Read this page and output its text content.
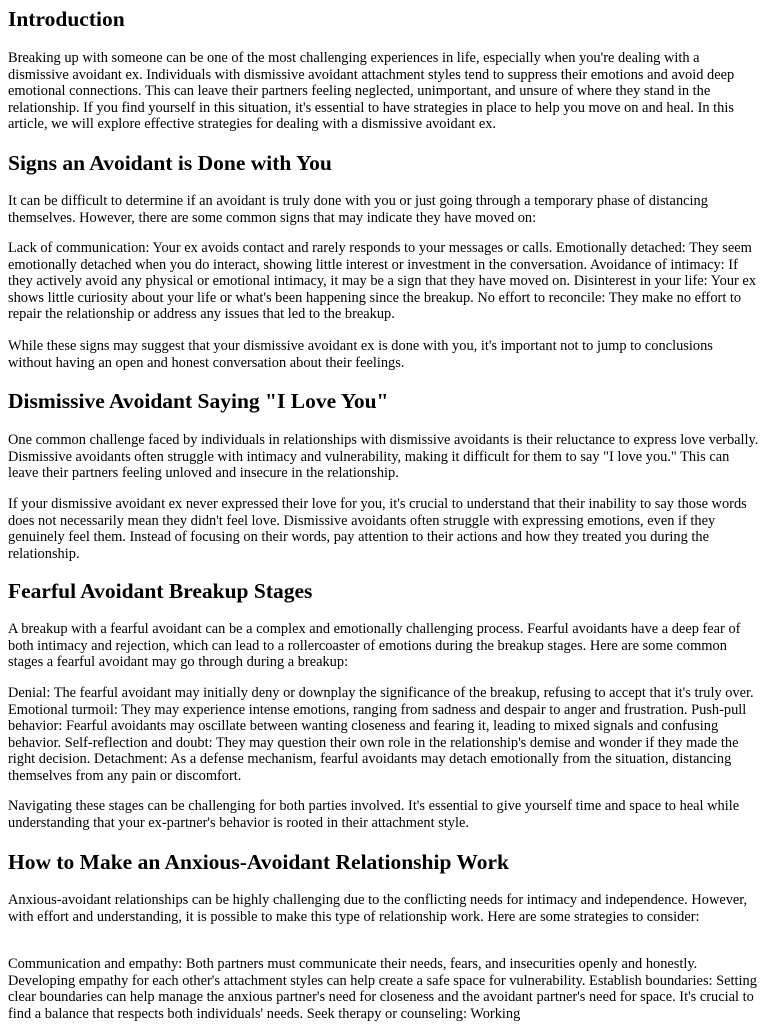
Introduction

Breaking up with someone can be one of the most challenging experiences in life, especially when you're dealing with a dismissive avoidant ex. Individuals with dismissive avoidant attachment styles tend to suppress their emotions and avoid deep emotional connections. This can leave their partners feeling neglected, unimportant, and unsure of where they stand in the relationship. If you find yourself in this situation, it's essential to have strategies in place to help you move on and heal. In this article, we will explore effective strategies for dealing with a dismissive avoidant ex.

Signs an Avoidant is Done with You

It can be difficult to determine if an avoidant is truly done with you or just going through a temporary phase of distancing themselves. However, there are some common signs that may indicate they have moved on:

Lack of communication: Your ex avoids contact and rarely responds to your messages or calls. Emotionally detached: They seem emotionally detached when you do interact, showing little interest or investment in the conversation. Avoidance of intimacy: If they actively avoid any physical or emotional intimacy, it may be a sign that they have moved on. Disinterest in your life: Your ex shows little curiosity about your life or what's been happening since the breakup. No effort to reconcile: They make no effort to repair the relationship or address any issues that led to the breakup.

While these signs may suggest that your dismissive avoidant ex is done with you, it's important not to jump to conclusions without having an open and honest conversation about their feelings.

Dismissive Avoidant Saying "I Love You"

One common challenge faced by individuals in relationships with dismissive avoidants is their reluctance to express love verbally. Dismissive avoidants often struggle with intimacy and vulnerability, making it difficult for them to say "I love you." This can leave their partners feeling unloved and insecure in the relationship.

If your dismissive avoidant ex never expressed their love for you, it's crucial to understand that their inability to say those words does not necessarily mean they didn't feel love. Dismissive avoidants often struggle with expressing emotions, even if they genuinely feel them. Instead of focusing on their words, pay attention to their actions and how they treated you during the relationship.

Fearful Avoidant Breakup Stages

A breakup with a fearful avoidant can be a complex and emotionally challenging process. Fearful avoidants have a deep fear of both intimacy and rejection, which can lead to a rollercoaster of emotions during the breakup stages. Here are some common stages a fearful avoidant may go through during a breakup:

Denial: The fearful avoidant may initially deny or downplay the significance of the breakup, refusing to accept that it's truly over. Emotional turmoil: They may experience intense emotions, ranging from sadness and despair to anger and frustration. Push-pull behavior: Fearful avoidants may oscillate between wanting closeness and fearing it, leading to mixed signals and confusing behavior. Self-reflection and doubt: They may question their own role in the relationship's demise and wonder if they made the right decision. Detachment: As a defense mechanism, fearful avoidants may detach emotionally from the situation, distancing themselves from any pain or discomfort.

Navigating these stages can be challenging for both parties involved. It's essential to give yourself time and space to heal while understanding that your ex-partner's behavior is rooted in their attachment style.

How to Make an Anxious-Avoidant Relationship Work

Anxious-avoidant relationships can be highly challenging due to the conflicting needs for intimacy and independence. However, with effort and understanding, it is possible to make this type of relationship work. Here are some strategies to consider:

Communication and empathy: Both partners must communicate their needs, fears, and insecurities openly and honestly. Developing empathy for each other's attachment styles can help create a safe space for vulnerability. Establish boundaries: Setting clear boundaries can help manage the anxious partner's need for closeness and the avoidant partner's need for space. It's crucial to find a balance that respects both individuals' needs. Seek therapy or counseling: Working
